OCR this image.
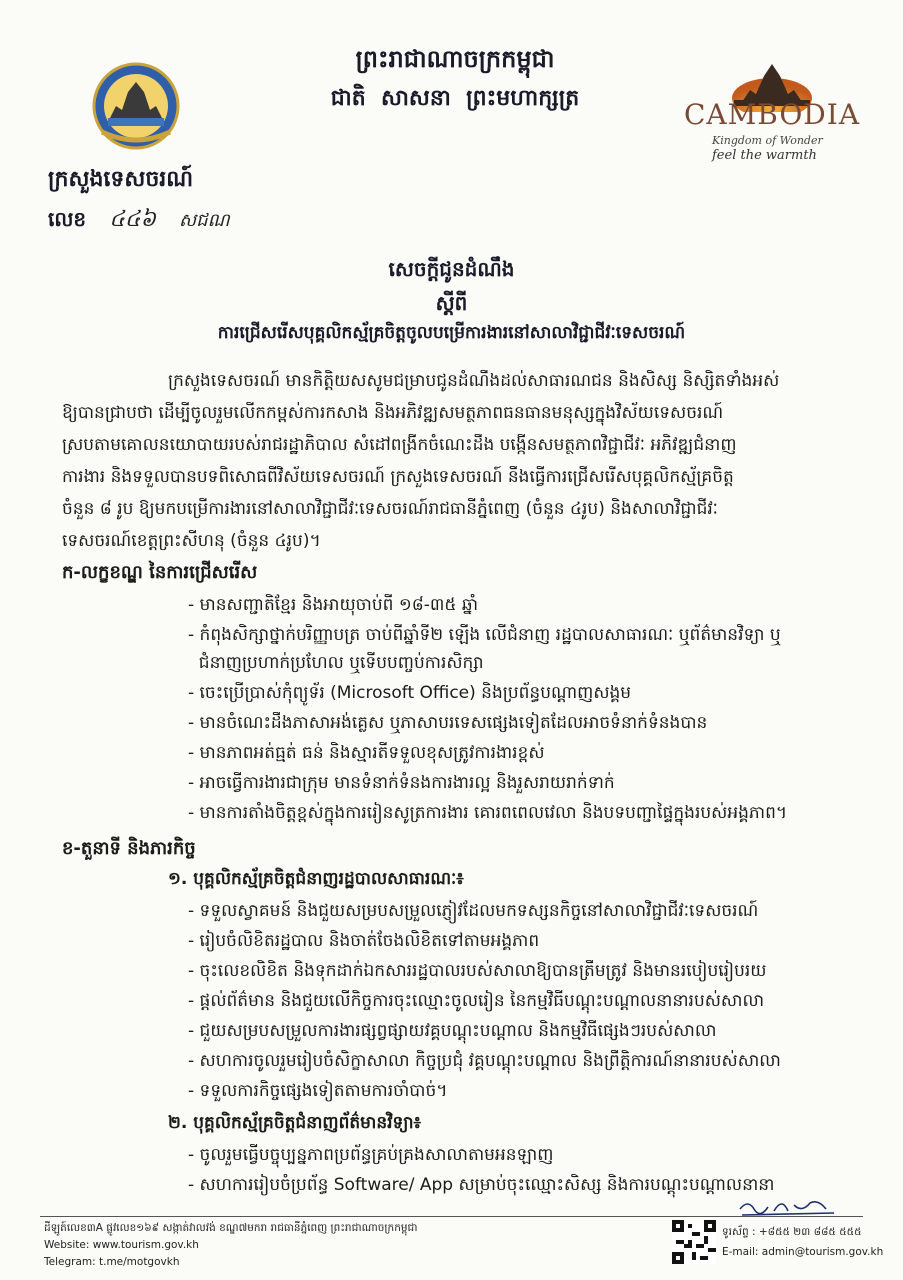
ព្រះរាជាណាចក្រកម្ពុជា
ជាតិ  សាសនា  ព្រះមហាក្សត្រ	CAMBODIA
Kingdom of Wonder
feel the warmth
ក្រសួងទេសចរណ៍
លេខ ៤៤៦ សជណ
សេចក្ដីជូនដំណឹង
ស្ដីពី
ការជ្រើសរើសបុគ្គលិកស្ម័គ្រចិត្តចូលបម្រើការងារនៅសាលាវិជ្ជាជីវៈទេសចរណ៍
ក្រសួងទេសចរណ៍ មានកិត្តិយសសូមជម្រាបជូនដំណឹងដល់សាធារណជន និងសិស្ស និស្សិតទាំងអស់
ឱ្យបានជ្រាបថា ដើម្បីចូលរួមលើកកម្ពស់ការកសាង និងអភិវឌ្ឍសមត្ថភាពធនធានមនុស្សក្នុងវិស័យទេសចរណ៍
ស្របតាមគោលនយោបាយរបស់រាជរដ្ឋាភិបាល សំដៅពង្រីកចំណេះដឹង បង្កើនសមត្ថភាពវិជ្ជាជីវៈ អភិវឌ្ឍជំនាញ
ការងារ និងទទួលបានបទពិសោធពីវិស័យទេសចរណ៍ ក្រសួងទេសចរណ៍ នឹងធ្វើការជ្រើសរើសបុគ្គលិកស្ម័គ្រចិត្ត
ចំនួន ៨ រូប ឱ្យមកបម្រើការងារនៅសាលាវិជ្ជាជីវៈទេសចរណ៍រាជធានីភ្នំពេញ (ចំនួន ៤រូប) និងសាលាវិជ្ជាជីវៈ
ទេសចរណ៍ខេត្តព្រះសីហនុ (ចំនួន ៤រូប)។
ក-លក្ខខណ្ឌ នៃការជ្រើសរើស
- មានសញ្ជាតិខ្មែរ និងអាយុចាប់ពី ១៨-៣៥ ឆ្នាំ
- កំពុងសិក្សាថ្នាក់បរិញ្ញាបត្រ ចាប់ពីឆ្នាំទី២ ឡើង លើជំនាញ រដ្ឋបាលសាធារណៈ ឬព័ត៌មានវិទ្យា ឬ
ជំនាញប្រហាក់ប្រហែល ឬទើបបញ្ចប់ការសិក្សា
- ចេះប្រើប្រាស់កុំព្យូទ័រ (Microsoft Office) និងប្រព័ន្ធបណ្ដាញសង្គម
- មានចំណេះដឹងភាសាអង់គ្លេស ឬភាសាបរទេសផ្សេងទៀតដែលអាចទំនាក់ទំនងបាន
- មានភាពអត់ធ្មត់ ធន់ និងស្មារតីទទួលខុសត្រូវការងារខ្ពស់
- អាចធ្វើការងារជាក្រុម មានទំនាក់ទំនងការងារល្អ និងរួសរាយរាក់ទាក់
- មានការតាំងចិត្តខ្ពស់ក្នុងការរៀនសូត្រការងារ គោរពពេលវេលា និងបទបញ្ជាផ្ទៃក្នុងរបស់អង្គភាព។
ខ-តួនាទី និងភារកិច្ច
១. បុគ្គលិកស្ម័គ្រចិត្តជំនាញរដ្ឋបាលសាធារណៈ៖
- ទទួលស្វាគមន៍ និងជួយសម្របសម្រួលភ្ញៀវដែលមកទស្សនកិច្ចនៅសាលាវិជ្ជាជីវៈទេសចរណ៍
- រៀបចំលិខិតរដ្ឋបាល និងចាត់ចែងលិខិតទៅតាមអង្គភាព
- ចុះលេខលិខិត និងទុកដាក់ឯកសាររដ្ឋបាលរបស់សាលាឱ្យបានត្រឹមត្រូវ និងមានរបៀបរៀបរយ
- ផ្ដល់ព័ត៌មាន និងជួយលើកិច្ចការចុះឈ្មោះចូលរៀន នៃកម្មវិធីបណ្ដុះបណ្ដាលនានារបស់សាលា
- ជួយសម្របសម្រួលការងារផ្សព្វផ្សាយវគ្គបណ្ដុះបណ្ដាល និងកម្មវិធីផ្សេងៗរបស់សាលា
- សហការចូលរួមរៀបចំសិក្ខាសាលា កិច្ចប្រជុំ វគ្គបណ្ដុះបណ្ដាល និងព្រឹត្តិការណ៍នានារបស់សាលា
- ទទួលការកិច្ចផ្សេងទៀតតាមការចាំបាច់។
២. បុគ្គលិកស្ម័គ្រចិត្តជំនាញព័ត៌មានវិទ្យា៖
- ចូលរួមធ្វើបច្ចុប្បន្នភាពប្រព័ន្ធគ្រប់គ្រងសាលាតាមអនឡាញ
- សហការរៀបចំប្រព័ន្ធ Software/ App សម្រាប់ចុះឈ្មោះសិស្ស និងការបណ្ដុះបណ្ដាលនានា
ដីឡូត៍លេខ៣A ផ្លូវលេខ១៦៩ សង្កាត់វាលវង់ ខណ្ឌ៧មករា រាជធានីភ្នំពេញ ព្រះរាជាណាចក្រកម្ពុជា
Website: www.tourism.gov.kh
Telegram: t.me/motgovkh
ទូរស័ព្ទ : +៨៥៥ ២៣ ៨៨៥ ៥៥៥
E-mail: admin@tourism.gov.kh
